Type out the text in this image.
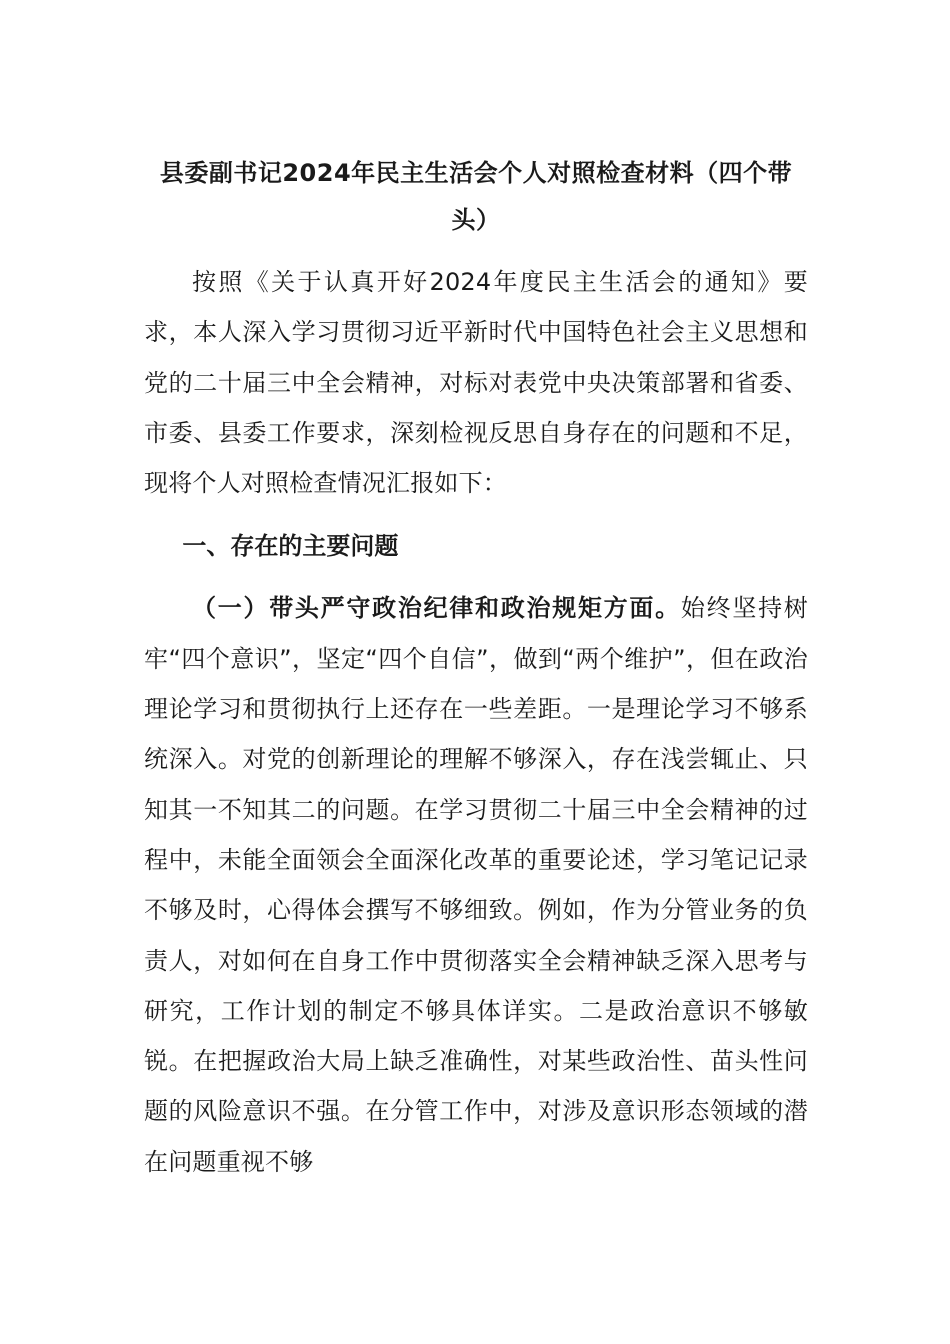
县委副书记2024年民主生活会个人对照检查材料（四个带头）

按照《关于认真开好2024年度民主生活会的通知》要求，本人深入学习贯彻习近平新时代中国特色社会主义思想和党的二十届三中全会精神，对标对表党中央决策部署和省委、市委、县委工作要求，深刻检视反思自身存在的问题和不足，现将个人对照检查情况汇报如下：

一、存在的主要问题

（一）带头严守政治纪律和政治规矩方面。始终坚持树牢“四个意识”，坚定“四个自信”，做到“两个维护”，但在政治理论学习和贯彻执行上还存在一些差距。一是理论学习不够系统深入。对党的创新理论的理解不够深入，存在浅尝辄止、只知其一不知其二的问题。在学习贯彻二十届三中全会精神的过程中，未能全面领会全面深化改革的重要论述，学习笔记记录不够及时，心得体会撰写不够细致。例如，作为分管业务的负责人，对如何在自身工作中贯彻落实全会精神缺乏深入思考与研究，工作计划的制定不够具体详实。二是政治意识不够敏锐。在把握政治大局上缺乏准确性，对某些政治性、苗头性问题的风险意识不强。在分管工作中，对涉及意识形态领域的潜在问题重视不够
